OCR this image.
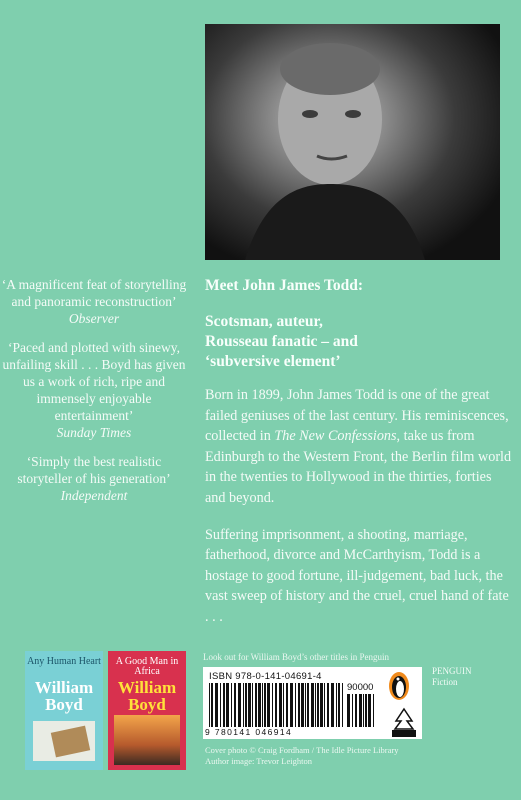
‘A magnificent feat of storytelling and panoramic reconstruction’
Observer
‘Paced and plotted with sinewy, unfailing skill . . . Boyd has given us a work of rich, ripe and immensely enjoyable entertainment’
Sunday Times
‘Simply the best realistic storyteller of his generation’
Independent
Meet John James Todd:
Scotsman, auteur,
Rousseau fanatic – and
‘subversive element’

Born in 1899, John James Todd is one of the great failed geniuses of the last century. His reminiscences, collected in The New Confessions, take us from Edinburgh to the Western Front, the Berlin film world in the twenties to Hollywood in the thirties, forties and beyond.

Suffering imprisonment, a shooting, marriage, fatherhood, divorce and McCarthyism, Todd is a hostage to good fortune, ill-judgement, bad luck, the vast sweep of history and the cruel, cruel hand of fate . . .

Any Human Heart
William Boyd
A Good Man in Africa
William Boyd
Look out for William Boyd’s other titles in Penguin
ISBN 978-0-141-04691-4
90000
9 780141 046914
PENGUIN
Fiction
Cover photo © Craig Fordham / The Idle Picture Library
Author image: Trevor Leighton
